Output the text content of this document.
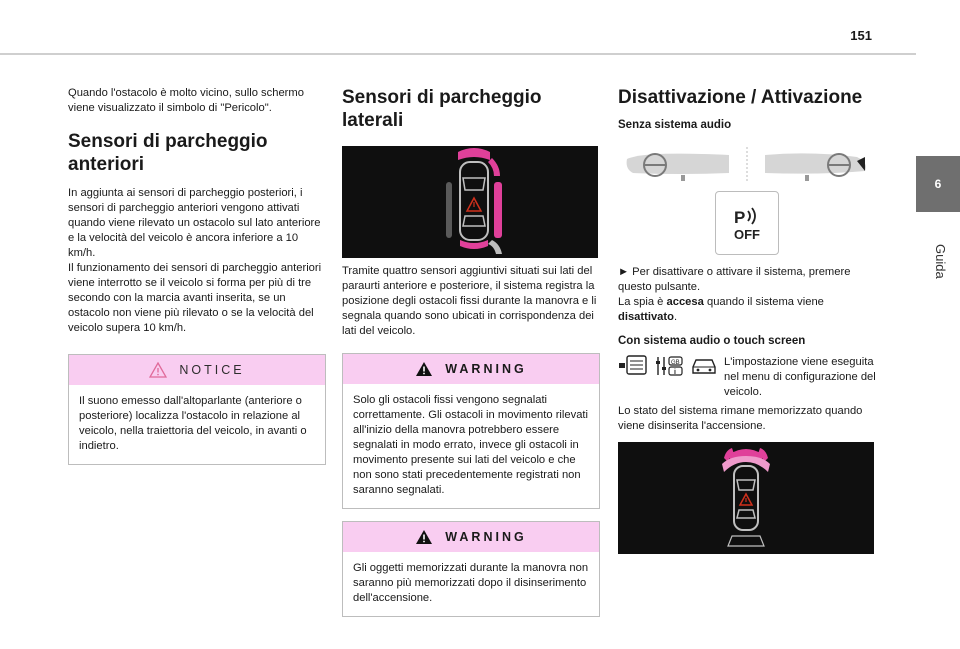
151
6
Guida

Quando l'ostacolo è molto vicino, sullo schermo viene visualizzato il simbolo di "Pericolo".

Sensori di parcheggio anteriori

In aggiunta ai sensori di parcheggio posteriori, i sensori di parcheggio anteriori vengono attivati quando viene rilevato un ostacolo sul lato anteriore e la velocità del veicolo è ancora inferiore a 10 km/h.

Il funzionamento dei sensori di parcheggio anteriori viene interrotto se il veicolo si forma per più di tre secondo con la marcia avanti inserita, se un ostacolo non viene più rilevato o se la velocità del veicolo supera 10 km/h.

NOTICE
Il suono emesso dall'altoparlante (anteriore o posteriore) localizza l'ostacolo in relazione al veicolo, nella traiettoria del veicolo, in avanti o indietro.
Sensori di parcheggio laterali

Tramite quattro sensori aggiuntivi situati sui lati del paraurti anteriore e posteriore, il sistema registra la posizione degli ostacoli fissi durante la manovra e li segnala quando sono ubicati in corrispondenza dei lati del veicolo.

WARNING
Solo gli ostacoli fissi vengono segnalati correttamente. Gli ostacoli in movimento rilevati all'inizio della manovra potrebbero essere segnalati in modo errato, invece gli ostacoli in movimento presente sui lati del veicolo e che non sono stati precedentemente registrati non saranno segnalati.
WARNING
Gli oggetti memorizzati durante la manovra non saranno più memorizzati dopo il disinserimento dell'accensione.
Disattivazione / Attivazione
Senza sistema audio
P
OFF

► Per disattivare o attivare il sistema, premere questo pulsante.

La spia è accesa quando il sistema viene disattivato.

Con sistema audio o touch screen
GB
i

L'impostazione viene eseguita nel menu di configurazione del veicolo.

Lo stato del sistema rimane memorizzato quando viene disinserita l'accensione.
